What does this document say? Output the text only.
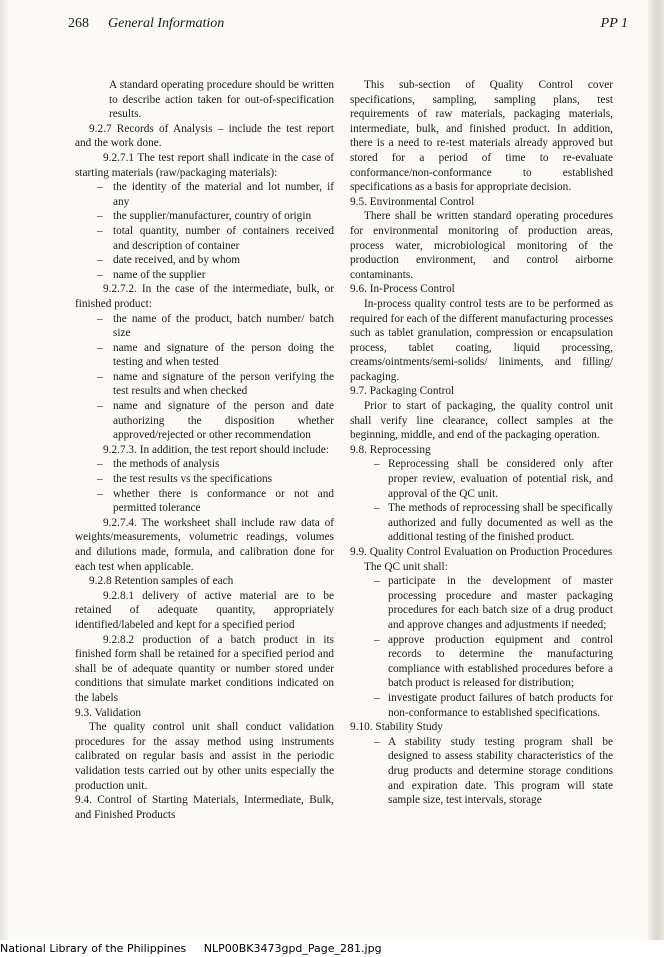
268 General Information	PP 1

A standard operating procedure should be written to describe action taken for out-of-specification results.

9.2.7 Records of Analysis – include the test report and the work done.

9.2.7.1 The test report shall indicate in the case of starting materials (raw/packaging materials):

– the identity of the material and lot number, if any

– the supplier/manufacturer, country of origin

– total quantity, number of containers received and description of container

– date received, and by whom

– name of the supplier

9.2.7.2. In the case of the intermediate, bulk, or finished product:

– the name of the product, batch number/ batch size

– name and signature of the person doing the testing and when tested

– name and signature of the person verifying the test results and when checked

– name and signature of the person and date authorizing the disposition whether approved/rejected or other recommendation

9.2.7.3. In addition, the test report should include:

– the methods of analysis

– the test results vs the specifications

– whether there is conformance or not and permitted tolerance

9.2.7.4. The worksheet shall include raw data of weights/measurements, volumetric readings, volumes and dilutions made, formula, and calibration done for each test when applicable.

9.2.8 Retention samples of each

9.2.8.1 delivery of active material are to be retained of adequate quantity, appropriately identified/labeled and kept for a specified period

9.2.8.2 production of a batch product in its finished form shall be retained for a specified period and shall be of adequate quantity or number stored under conditions that simulate market conditions indicated on the labels

9.3. Validation

The quality control unit shall conduct validation procedures for the assay method using instruments calibrated on regular basis and assist in the periodic validation tests carried out by other units especially the production unit.

9.4. Control of Starting Materials, Intermediate, Bulk, and Finished Products

This sub-section of Quality Control cover specifications, sampling, sampling plans, test requirements of raw materials, packaging materials, intermediate, bulk, and finished product. In addition, there is a need to re-test materials already approved but stored for a period of time to re-evaluate conformance/non-conformance to established specifications as a basis for appropriate decision.

9.5. Environmental Control

There shall be written standard operating procedures for environmental monitoring of production areas, process water, microbiological monitoring of the production environment, and control airborne contaminants.

9.6. In-Process Control

In-process quality control tests are to be performed as required for each of the different manufacturing processes such as tablet granulation, compression or encapsulation process, tablet coating, liquid processing, creams/ointments/semi-solids/ liniments, and filling/ packaging.

9.7. Packaging Control

Prior to start of packaging, the quality control unit shall verify line clearance, collect samples at the beginning, middle, and end of the packaging operation.

9.8. Reprocessing

– Reprocessing shall be considered only after proper review, evaluation of potential risk, and approval of the QC unit.

– The methods of reprocessing shall be specifically authorized and fully documented as well as the additional testing of the finished product.

9.9. Quality Control Evaluation on Production Procedures

The QC unit shall:

– participate in the development of master processing procedure and master packaging procedures for each batch size of a drug product and approve changes and adjustments if needed;

– approve production equipment and control records to determine the manufacturing compliance with established procedures before a batch product is released for distribution;

– investigate product failures of batch products for non-conformance to established specifications.

9.10. Stability Study

– A stability study testing program shall be designed to assess stability characteristics of the drug products and determine storage conditions and expiration date. This program will state sample size, test intervals, storage

National Library of the Philippines NLP00BK3473gpd_Page_281.jpg
